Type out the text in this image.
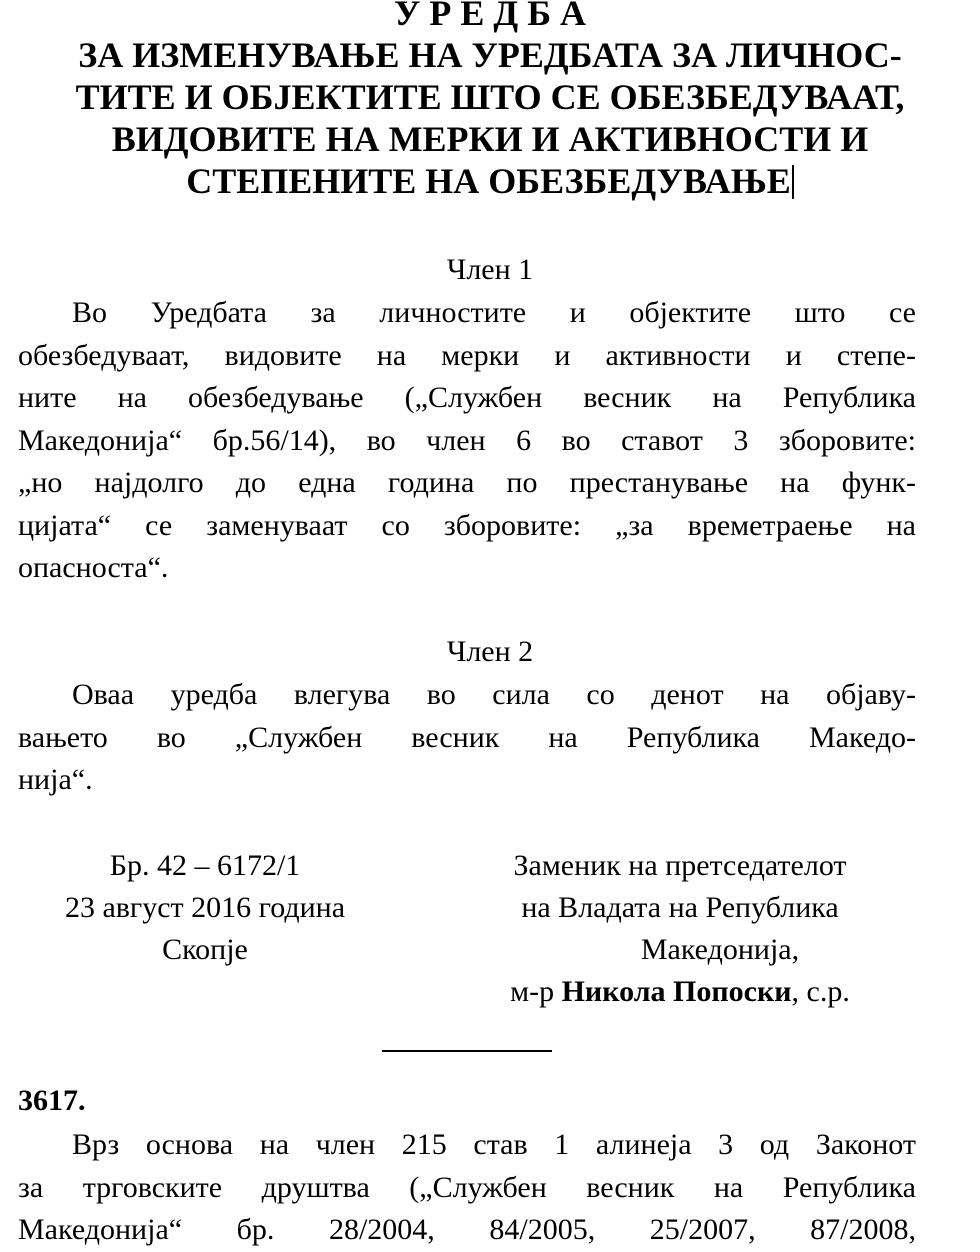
У Р Е Д Б А
ЗА ИЗМЕНУВАЊЕ НА УРЕДБАТА ЗА ЛИЧНОС-
ТИТЕ И ОБЈЕКТИТЕ ШТО СЕ ОБЕЗБЕДУВААТ,
ВИДОВИТЕ НА МЕРКИ И АКТИВНОСТИ И
СТЕПЕНИТЕ НА ОБЕЗБЕДУВАЊЕ
Член 1
Во Уредбата за личностите и објектите што се
обезбедуваат, видовите на мерки и активности и степе-
ните на обезбедување („Службен весник на Република
Македонија“ бр.56/14), во член 6 во ставот 3 зборовите:
„но најдолго до една година по престанување на функ-
цијата“ се заменуваат со зборовите: „за времетраење на
опасноста“.
Член 2
Оваа уредба влегува во сила со денот на објаву-
вањето во „Службен весник на Република Македо-
нија“.
Бр. 42 – 6172/1
23 август 2016 година
Скопје
Заменик на претседателот
на Владата на Република
Македонија,
м-р Никола Попоски, с.р.
3617.
Врз основа на член 215 став 1 алинеја 3 од Законот
за трговските друштва („Службен весник на Република
Македонија“ бр. 28/2004, 84/2005, 25/2007, 87/2008,
